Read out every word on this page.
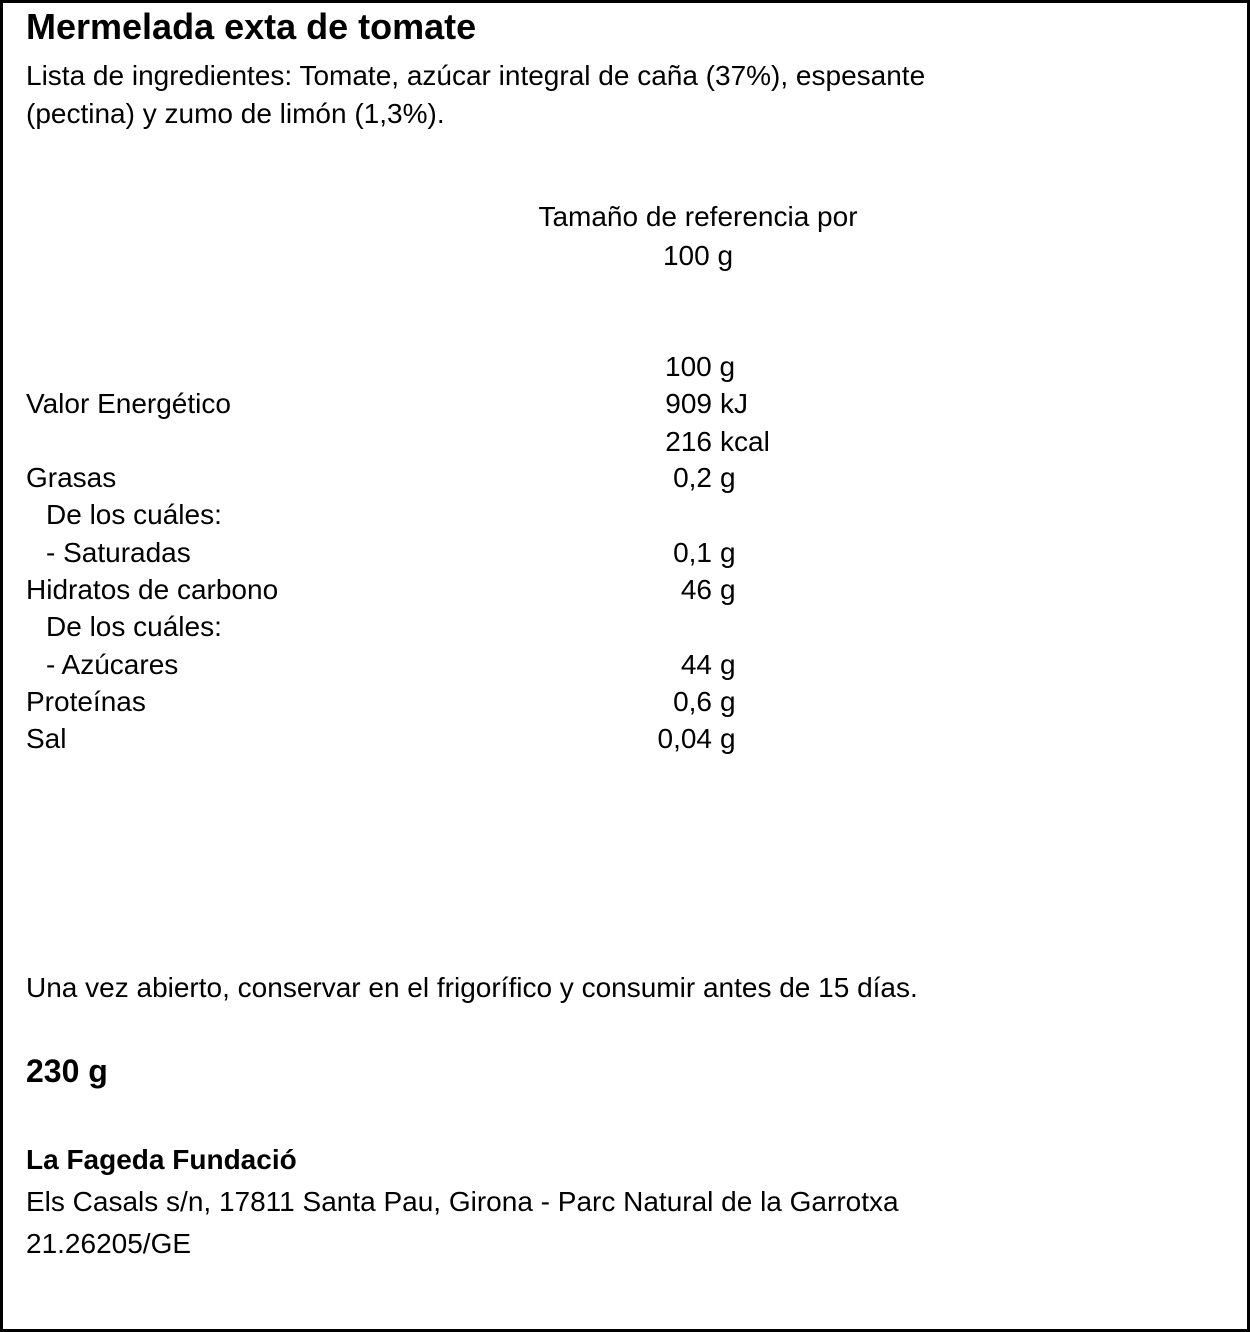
Mermelada exta de tomate
Lista de ingredientes: Tomate, azúcar integral de caña (37%), espesante
(pectina) y zumo de limón (1,3%).
Tamaño de referencia por
100 g
100 g
Valor Energético	909 kJ
216 kcal
Grasas	0,2 g
De los cuáles:
- Saturadas	0,1 g
Hidratos de carbono	46 g
De los cuáles:
- Azúcares	44 g
Proteínas	0,6 g
Sal	0,04 g
Una vez abierto, conservar en el frigorífico y consumir antes de 15 días.
230 g
La Fageda Fundació
Els Casals s/n, 17811 Santa Pau, Girona - Parc Natural de la Garrotxa
21.26205/GE
